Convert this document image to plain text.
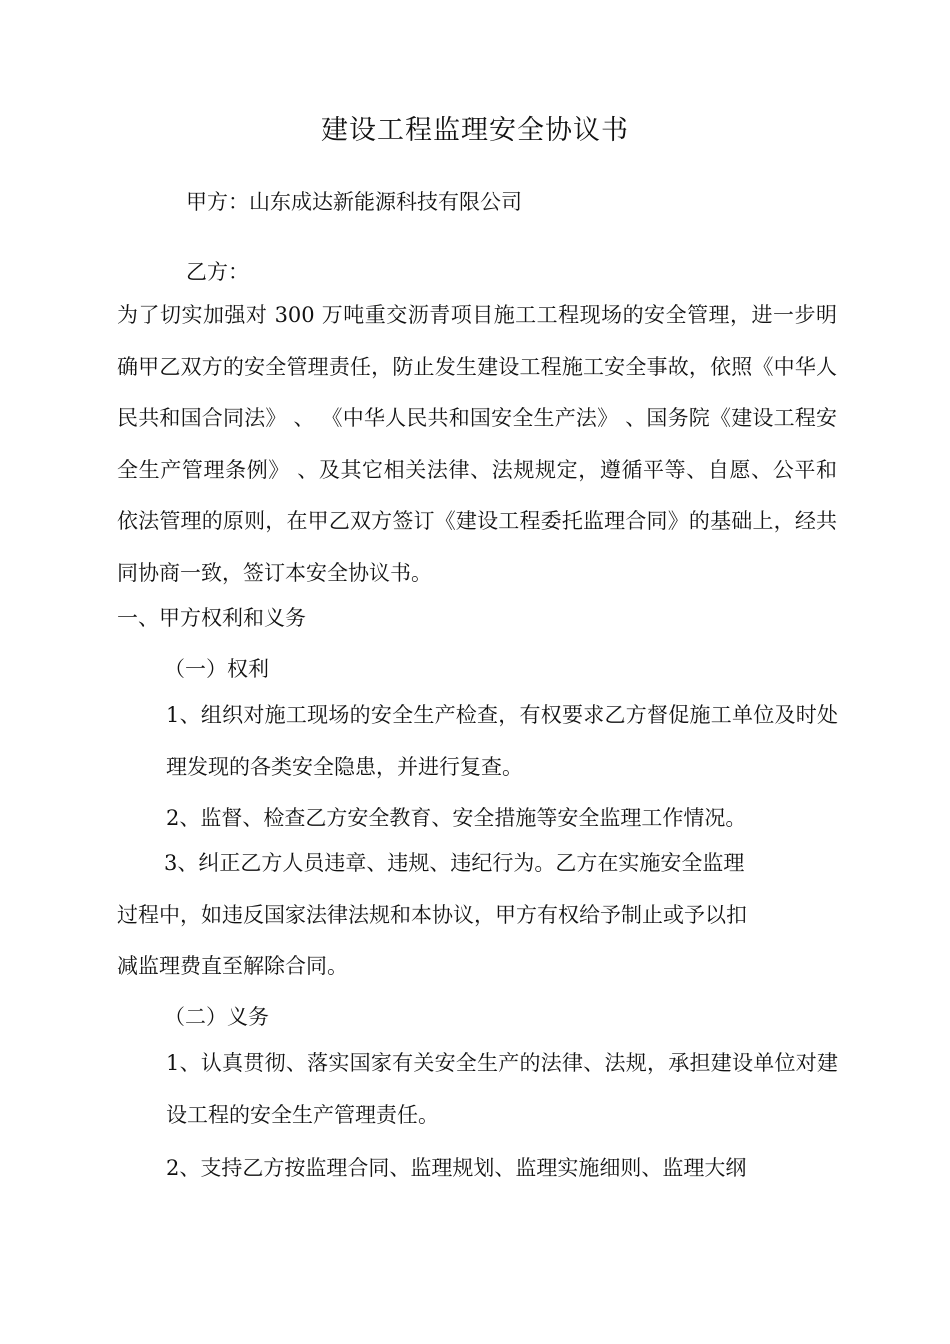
建设工程监理安全协议书
甲方：山东成达新能源科技有限公司
乙方：
为了切实加强对 300 万吨重交沥青项目施工工程现场的安全管理，进一步明确甲乙双方的安全管理责任，防止发生建设工程施工安全事故，依照《中华人民共和国合同法》 、 《中华人民共和国安全生产法》 、国务院《建设工程安全生产管理条例》 、及其它相关法律、法规规定，遵循平等、自愿、公平和依法管理的原则，在甲乙双方签订《建设工程委托监理合同》的基础上，经共同协商一致，签订本安全协议书。
一、甲方权利和义务
（一）权利
1、组织对施工现场的安全生产检查，有权要求乙方督促施工单位及时处理发现的各类安全隐患，并进行复查。
2、监督、检查乙方安全教育、安全措施等安全监理工作情况。
3、纠正乙方人员违章、违规、违纪行为。乙方在实施安全监理
过程中，如违反国家法律法规和本协议，甲方有权给予制止或予以扣
减监理费直至解除合同。
（二）义务
1、认真贯彻、落实国家有关安全生产的法律、法规，承担建设单位对建设工程的安全生产管理责任。
2、支持乙方按监理合同、监理规划、监理实施细则、监理大纲
